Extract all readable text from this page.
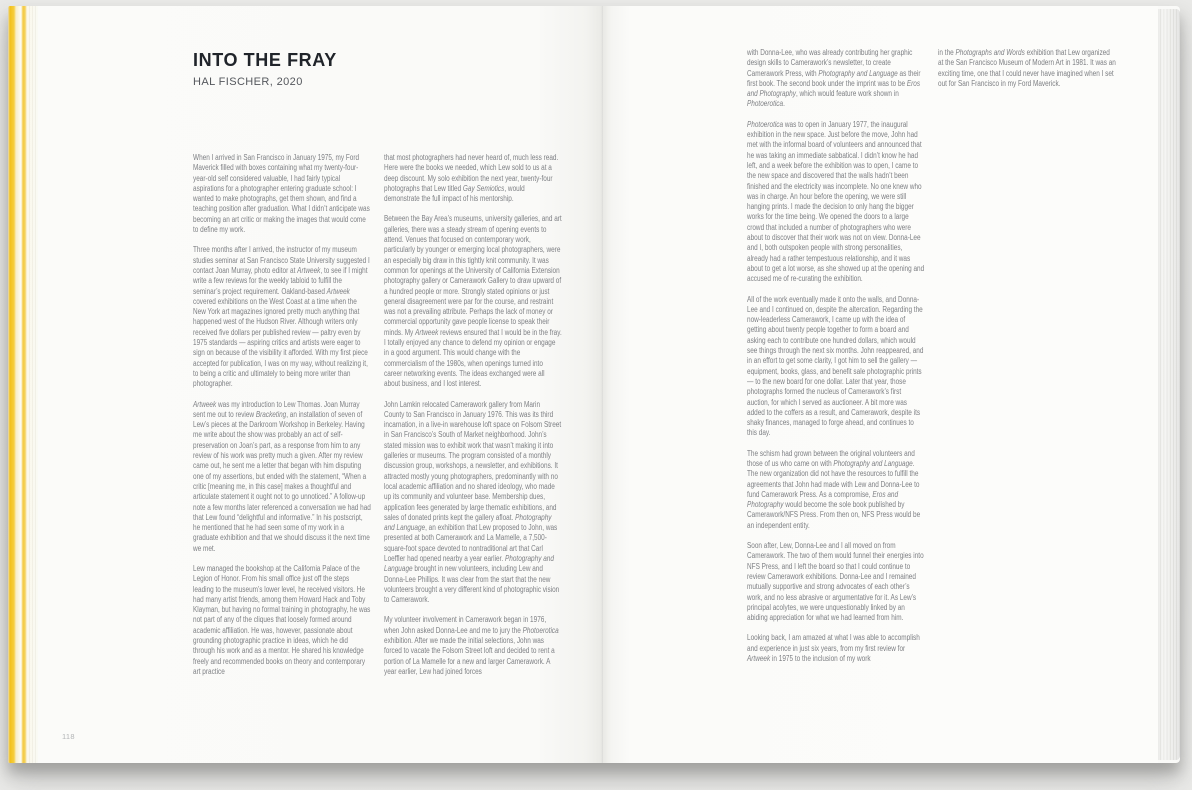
INTO THE FRAY
HAL FISCHER, 2020

When I arrived in San Francisco in January 1975, my Ford Maverick filled with boxes containing what my twenty-four-year-old self considered valuable, I had fairly typical aspirations for a photographer entering graduate school: I wanted to make photographs, get them shown, and find a teaching position after graduation. What I didn’t anticipate was becoming an art critic or making the images that would come to define my work.

Three months after I arrived, the instructor of my museum studies seminar at San Francisco State University suggested I contact Joan Murray, photo editor at Artweek, to see if I might write a few reviews for the weekly tabloid to fulfill the seminar’s project requirement. Oakland-based Artweek covered exhibitions on the West Coast at a time when the New York art magazines ignored pretty much anything that happened west of the Hudson River. Although writers only received five dollars per published review — paltry even by 1975 standards — aspiring critics and artists were eager to sign on because of the visibility it afforded. With my first piece accepted for publication, I was on my way, without realizing it, to being a critic and ultimately to being more writer than photographer.

Artweek was my introduction to Lew Thomas. Joan Murray sent me out to review Bracketing, an installation of seven of Lew’s pieces at the Darkroom Workshop in Berkeley. Having me write about the show was probably an act of self-preservation on Joan’s part, as a response from him to any review of his work was pretty much a given. After my review came out, he sent me a letter that began with him disputing one of my assertions, but ended with the statement, “When a critic [meaning me, in this case] makes a thoughtful and articulate statement it ought not to go unnoticed.” A follow-up note a few months later referenced a conversation we had had that Lew found “delightful and informative.” In his postscript, he mentioned that he had seen some of my work in a graduate exhibition and that we should discuss it the next time we met.

Lew managed the bookshop at the California Palace of the Legion of Honor. From his small office just off the steps leading to the museum’s lower level, he received visitors. He had many artist friends, among them Howard Hack and Toby Klayman, but having no formal training in photography, he was not part of any of the cliques that loosely formed around academic affiliation. He was, however, passionate about grounding photographic practice in ideas, which he did through his work and as a mentor. He shared his knowledge freely and recommended books on theory and contemporary art practice

that most photographers had never heard of, much less read. Here were the books we needed, which Lew sold to us at a deep discount. My solo exhibition the next year, twenty-four photographs that Lew titled Gay Semiotics, would demonstrate the full impact of his mentorship.

Between the Bay Area’s museums, university galleries, and art galleries, there was a steady stream of opening events to attend. Venues that focused on contemporary work, particularly by younger or emerging local photographers, were an especially big draw in this tightly knit community. It was common for openings at the University of California Extension photography gallery or Camerawork Gallery to draw upward of a hundred people or more. Strongly stated opinions or just general disagreement were par for the course, and restraint was not a prevailing attribute. Perhaps the lack of money or commercial opportunity gave people license to speak their minds. My Artweek reviews ensured that I would be in the fray. I totally enjoyed any chance to defend my opinion or engage in a good argument. This would change with the commercialism of the 1980s, when openings turned into career networking events. The ideas exchanged were all about business, and I lost interest.

John Lamkin relocated Camerawork gallery from Marin County to San Francisco in January 1976. This was its third incarnation, in a live-in warehouse loft space on Folsom Street in San Francisco’s South of Market neighborhood. John’s stated mission was to exhibit work that wasn’t making it into galleries or museums. The program consisted of a monthly discussion group, workshops, a newsletter, and exhibitions. It attracted mostly young photographers, predominantly with no local academic affiliation and no shared ideology, who made up its community and volunteer base. Membership dues, application fees generated by large thematic exhibitions, and sales of donated prints kept the gallery afloat. Photography and Language, an exhibition that Lew proposed to John, was presented at both Camerawork and La Mamelle, a 7,500-square-foot space devoted to nontraditional art that Carl Loeffler had opened nearby a year earlier. Photography and Language brought in new volunteers, including Lew and Donna-Lee Phillips. It was clear from the start that the new volunteers brought a very different kind of photographic vision to Camerawork.

My volunteer involvement in Camerawork began in 1976, when John asked Donna-Lee and me to jury the Photoerotica exhibition. After we made the initial selections, John was forced to vacate the Folsom Street loft and decided to rent a portion of La Mamelle for a new and larger Camerawork. A year earlier, Lew had joined forces

118

with Donna-Lee, who was already contributing her graphic design skills to Camerawork’s newsletter, to create Camerawork Press, with Photography and Language as their first book. The second book under the imprint was to be Eros and Photography, which would feature work shown in Photoerotica.

Photoerotica was to open in January 1977, the inaugural exhibition in the new space. Just before the move, John had met with the informal board of volunteers and announced that he was taking an immediate sabbatical. I didn’t know he had left, and a week before the exhibition was to open, I came to the new space and discovered that the walls hadn’t been finished and the electricity was incomplete. No one knew who was in charge. An hour before the opening, we were still hanging prints. I made the decision to only hang the bigger works for the time being. We opened the doors to a large crowd that included a number of photographers who were about to discover that their work was not on view. Donna-Lee and I, both outspoken people with strong personalities, already had a rather tempestuous relationship, and it was about to get a lot worse, as she showed up at the opening and accused me of re-curating the exhibition.

All of the work eventually made it onto the walls, and Donna-Lee and I continued on, despite the altercation. Regarding the now-leaderless Camerawork, I came up with the idea of getting about twenty people together to form a board and asking each to contribute one hundred dollars, which would see things through the next six months. John reappeared, and in an effort to get some clarity, I got him to sell the gallery — equipment, books, glass, and benefit sale photographic prints — to the new board for one dollar. Later that year, those photographs formed the nucleus of Camerawork’s first auction, for which I served as auctioneer. A bit more was added to the coffers as a result, and Camerawork, despite its shaky finances, managed to forge ahead, and continues to this day.

The schism had grown between the original volunteers and those of us who came on with Photography and Language. The new organization did not have the resources to fulfill the agreements that John had made with Lew and Donna-Lee to fund Camerawork Press. As a compromise, Eros and Photography would become the sole book published by Camerawork/NFS Press. From then on, NFS Press would be an independent entity.

Soon after, Lew, Donna-Lee and I all moved on from Camerawork. The two of them would funnel their energies into NFS Press, and I left the board so that I could continue to review Camerawork exhibitions. Donna-Lee and I remained mutually supportive and strong advocates of each other’s work, and no less abrasive or argumentative for it. As Lew’s principal acolytes, we were unquestionably linked by an abiding appreciation for what we had learned from him.

Looking back, I am amazed at what I was able to accomplish and experience in just six years, from my first review for Artweek in 1975 to the inclusion of my work

in the Photographs and Words exhibition that Lew organized at the San Francisco Museum of Modern Art in 1981. It was an exciting time, one that I could never have imagined when I set out for San Francisco in my Ford Maverick.
